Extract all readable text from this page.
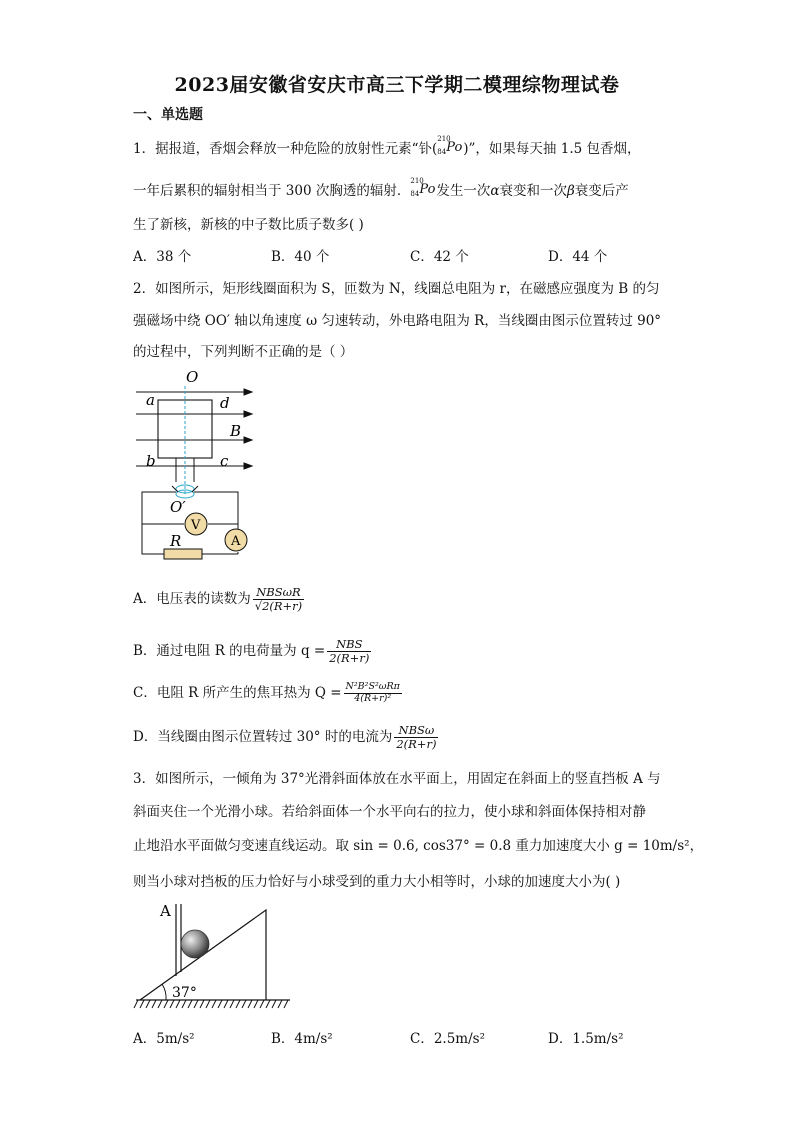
2023届安徽省安庆市高三下学期二模理综物理试卷
一、单选题
1．据报道，香烟会释放一种危险的放射性元素“钋(
210
84 Po )”，如果每天抽 1.5 包香烟，
一年后累积的辐射相当于 300 次胸透的辐射．
210
84 Po 发生一次α衰变和一次β衰变后产
生了新核，新核的中子数比质子数多( )
A．38 个	B．40 个	C．42 个	D．44 个
2．如图所示，矩形线圈面积为 S，匝数为 N，线圈总电阻为 r，在磁感应强度为 B 的匀
强磁场中绕 OO′ 轴以角速度 ω 匀速转动，外电路电阻为 R，当线圈由图示位置转过 90°
的过程中，下列判断不正确的是（ ）
O
a	d
B
b	c
O′
V
A
R
A．电压表的读数为 $\frac{\text{NBSωR}}{√2(R+r)}$
B．通过电阻 R 的电荷量为 $q = \frac{\text{NBS}}{2(R+r)}$
C．电阻 R 所产生的焦耳热为 $Q = \frac{\text{N²B²S²ωRπ}}{\text{4(R+r)²}}$
D．当线圈由图示位置转过 30° 时的电流为 $\frac{\text{NBSω}}{2(R+r)}$
3．如图所示，一倾角为 37°光滑斜面体放在水平面上，用固定在斜面上的竖直挡板 A 与
斜面夹住一个光滑小球。若给斜面体一个水平向右的拉力，使小球和斜面体保持相对静
止地沿水平面做匀变速直线运动。取 sin = 0.6, cos37° = 0.8 重力加速度大小 g = 10m/s²，
则当小球对挡板的压力恰好与小球受到的重力大小相等时，小球的加速度大小为( )
A
37°
A．5m/s²	B．4m/s²	C．2.5m/s²	D．1.5m/s²
